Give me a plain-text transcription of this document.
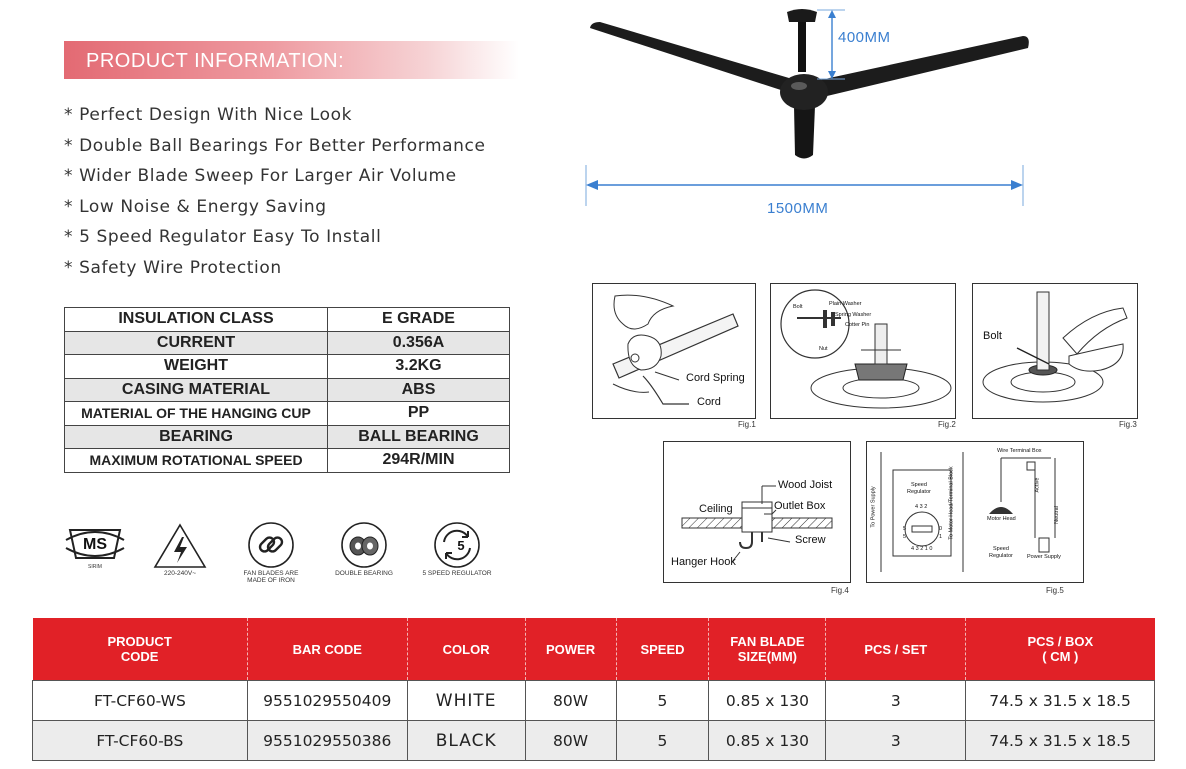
PRODUCT INFORMATION:
* Perfect Design With Nice Look
* Double Ball Bearings For Better Performance
* Wider Blade Sweep For Larger Air Volume
* Low Noise & Energy Saving
* 5 Speed Regulator Easy To Install
* Safety Wire Protection
INSULATION CLASS	E GRADE
CURRENT	0.356A
WEIGHT	3.2KG
CASING MATERIAL	ABS
MATERIAL OF THE HANGING CUP	PP
BEARING	BALL BEARING
MAXIMUM ROTATIONAL SPEED	294R/MIN
MS
SIRIM
220-240V~	FAN BLADES ARE
MADE OF IRON
DOUBLE BEARING
5
5 SPEED REGULATOR
400MM
1500MM
Cord Spring
Cord
Fig.1
Bolt	Plain Washer
Spring Washer
Cotter Pin
Nut
Fig.2
Bolt
Fig.3
Wood Joist
Ceiling	Outlet Box
Screw
Hanger Hook
Fig.4
Wire Terminal Box
To Power Supply
Speed
Regulator
4 3 2
5	0
1
5
4 3 2 1 0
To Motor Head/Terminal Block	Motor Head
Speed
Regulator	Power Supply
Active
Neutral
Fig.5
PRODUCT
CODE	BAR CODE	COLOR	POWER	SPEED	FAN BLADE
SIZE(MM)	PCS / SET	PCS / BOX
( CM )
FT-CF60-WS	9551029550409	WHITE	80W	5	0.85 x 130	3	74.5 x 31.5 x 18.5
FT-CF60-BS	9551029550386	BLACK	80W	5	0.85 x 130	3	74.5 x 31.5 x 18.5
